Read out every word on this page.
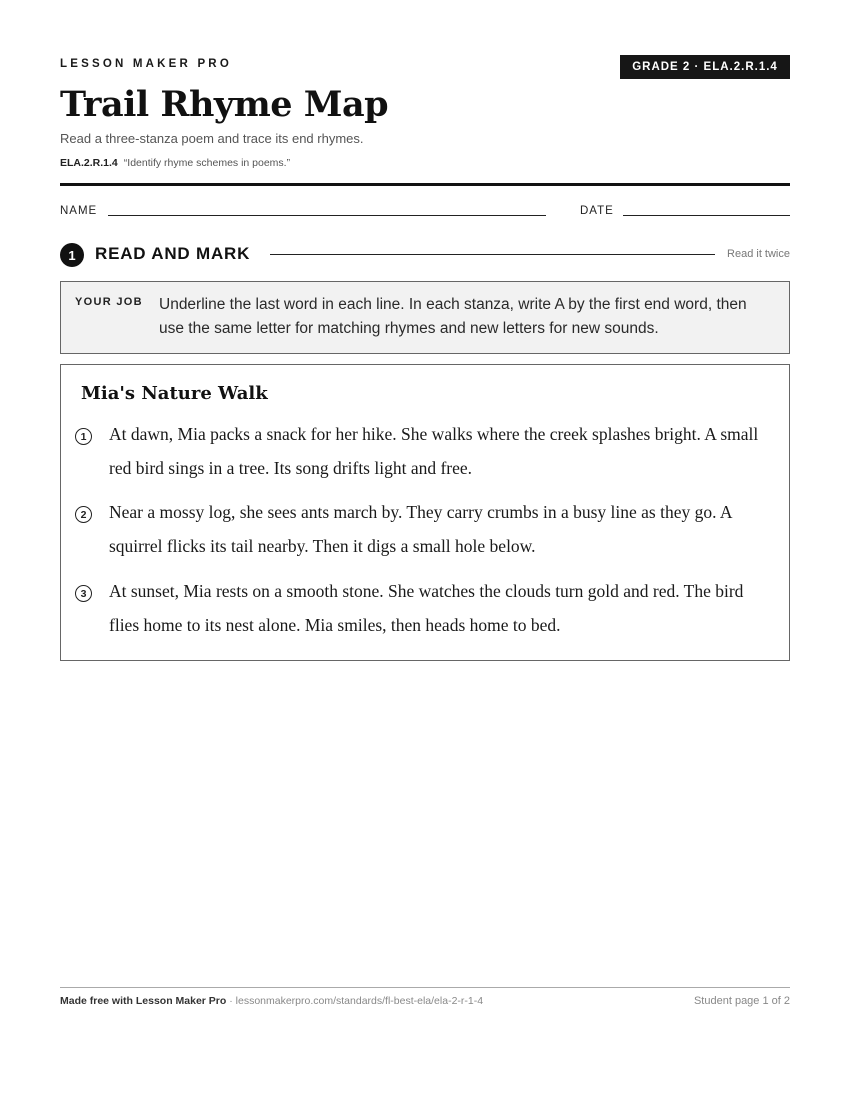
LESSON MAKER PRO	GRADE 2 · ELA.2.R.1.4
Trail Rhyme Map
Read a three-stanza poem and trace its end rhymes.
ELA.2.R.1.4 “Identify rhyme schemes in poems.”
NAME	DATE
1	READ AND MARK	Read it twice
YOUR JOB Underline the last word in each line. In each stanza, write A by the first end word, then use the same letter for matching rhymes and new letters for new sounds.
Mia's Nature Walk
1	At dawn, Mia packs a snack for her hike. She walks where the creek splashes bright. A small red bird sings in a tree. Its song drifts light and free.
2	Near a mossy log, she sees ants march by. They carry crumbs in a busy line as they go. A squirrel flicks its tail nearby. Then it digs a small hole below.
3	At sunset, Mia rests on a smooth stone. She watches the clouds turn gold and red. The bird flies home to its nest alone. Mia smiles, then heads home to bed.
Made free with Lesson Maker Pro · lessonmakerpro.com/standards/fl-best-ela/ela-2-r-1-4	Student page 1 of 2
